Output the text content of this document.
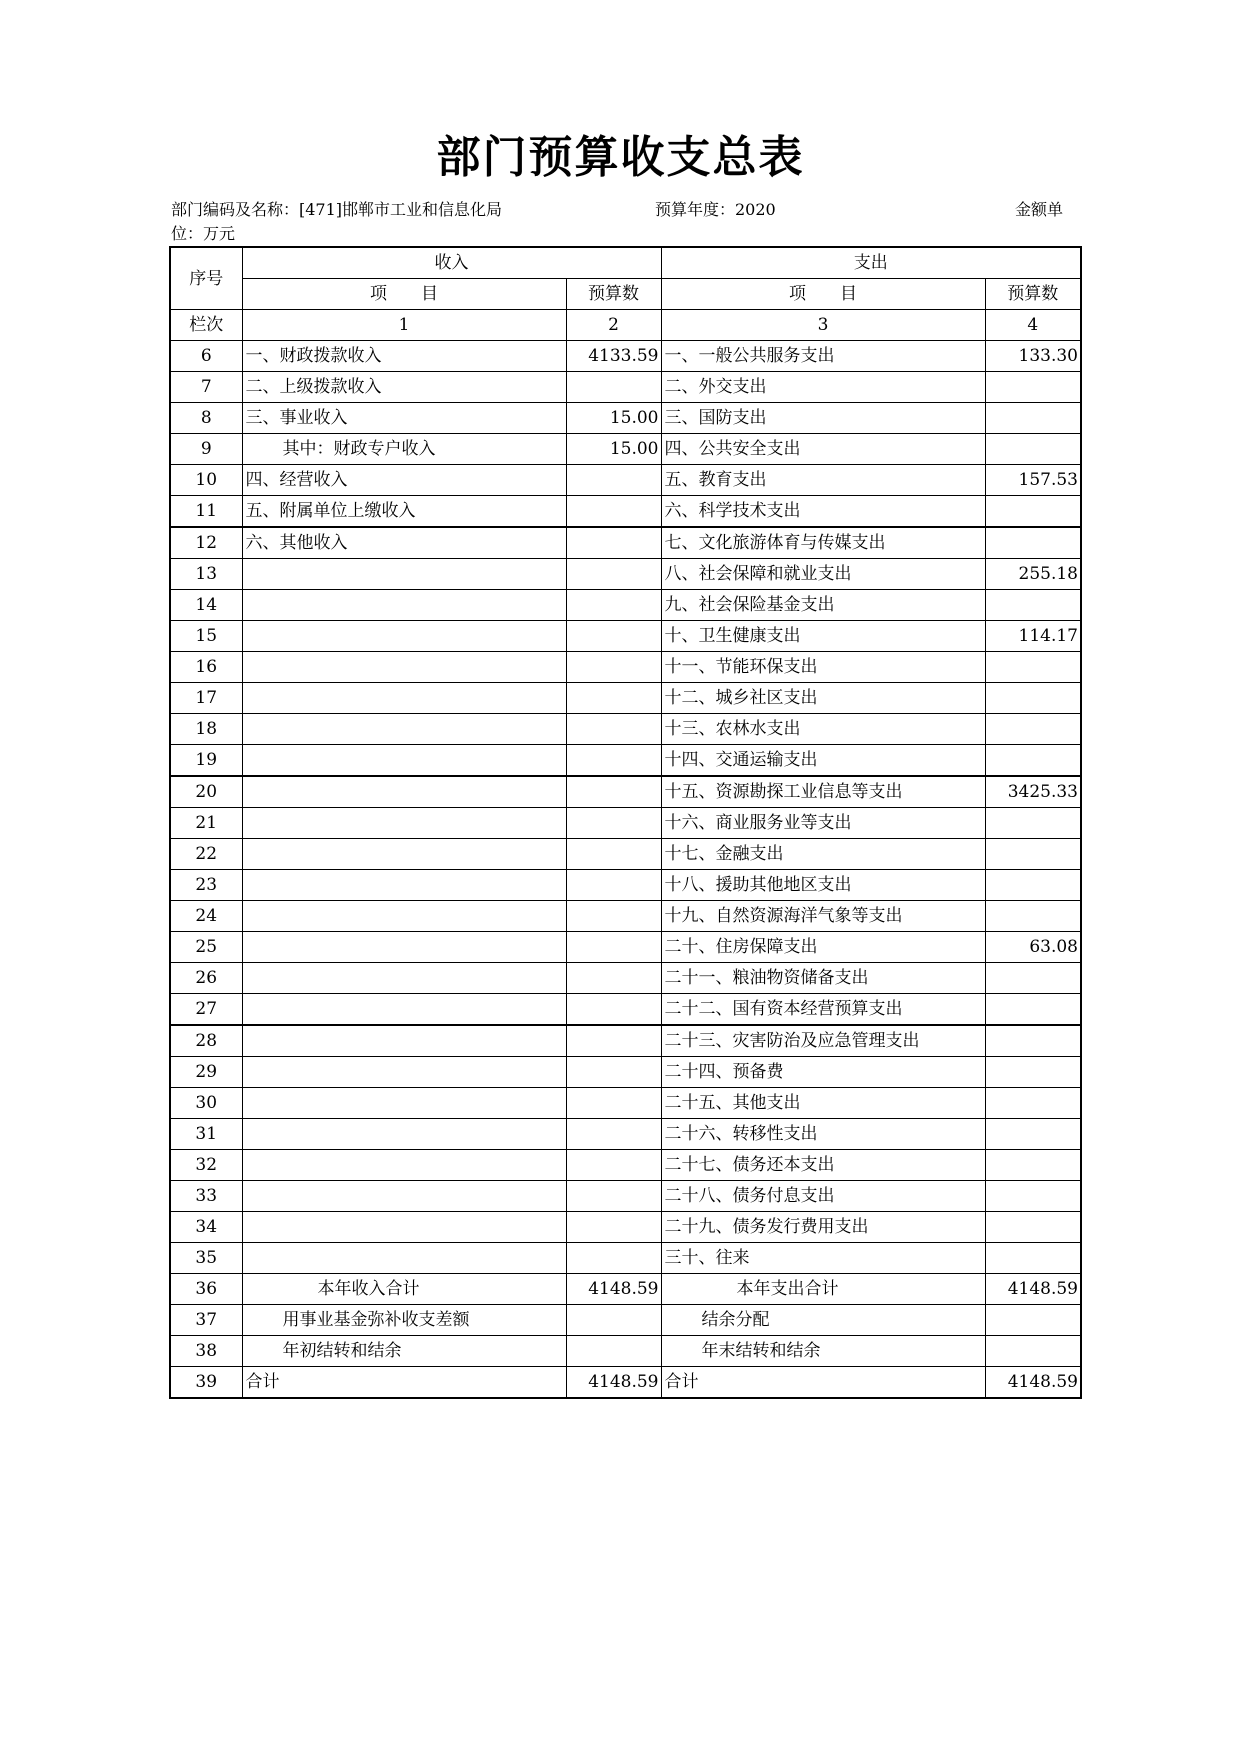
部门预算收支总表
部门编码及名称：[471]邯郸市工业和信息化局	预算年度：2020	金额单
位：万元
序号	收入		支出	
	项　　目	预算数	项　　目	预算数
栏次	1	2	3	4
6	一、财政拨款收入	4133.59	一、一般公共服务支出	133.30
7	二、上级拨款收入		二、外交支出	
8	三、事业收入	15.00	三、国防支出	
9	其中：财政专户收入	15.00	四、公共安全支出	
10	四、经营收入		五、教育支出	157.53
11	五、附属单位上缴收入		六、科学技术支出	
12	六、其他收入		七、文化旅游体育与传媒支出	
13			八、社会保障和就业支出	255.18
14			九、社会保险基金支出	
15			十、卫生健康支出	114.17
16			十一、节能环保支出	
17			十二、城乡社区支出	
18			十三、农林水支出	
19			十四、交通运输支出	
20			十五、资源勘探工业信息等支出	3425.33
21			十六、商业服务业等支出	
22			十七、金融支出	
23			十八、援助其他地区支出	
24			十九、自然资源海洋气象等支出	
25			二十、住房保障支出	63.08
26			二十一、粮油物资储备支出	
27			二十二、国有资本经营预算支出	
28			二十三、灾害防治及应急管理支出	
29			二十四、预备费	
30			二十五、其他支出	
31			二十六、转移性支出	
32			二十七、债务还本支出	
33			二十八、债务付息支出	
34			二十九、债务发行费用支出	
35			三十、往来	
36	本年收入合计	4148.59	本年支出合计	4148.59
37	用事业基金弥补收支差额		结余分配	
38	年初结转和结余		年末结转和结余	
39	合计	4148.59	合计	4148.59
